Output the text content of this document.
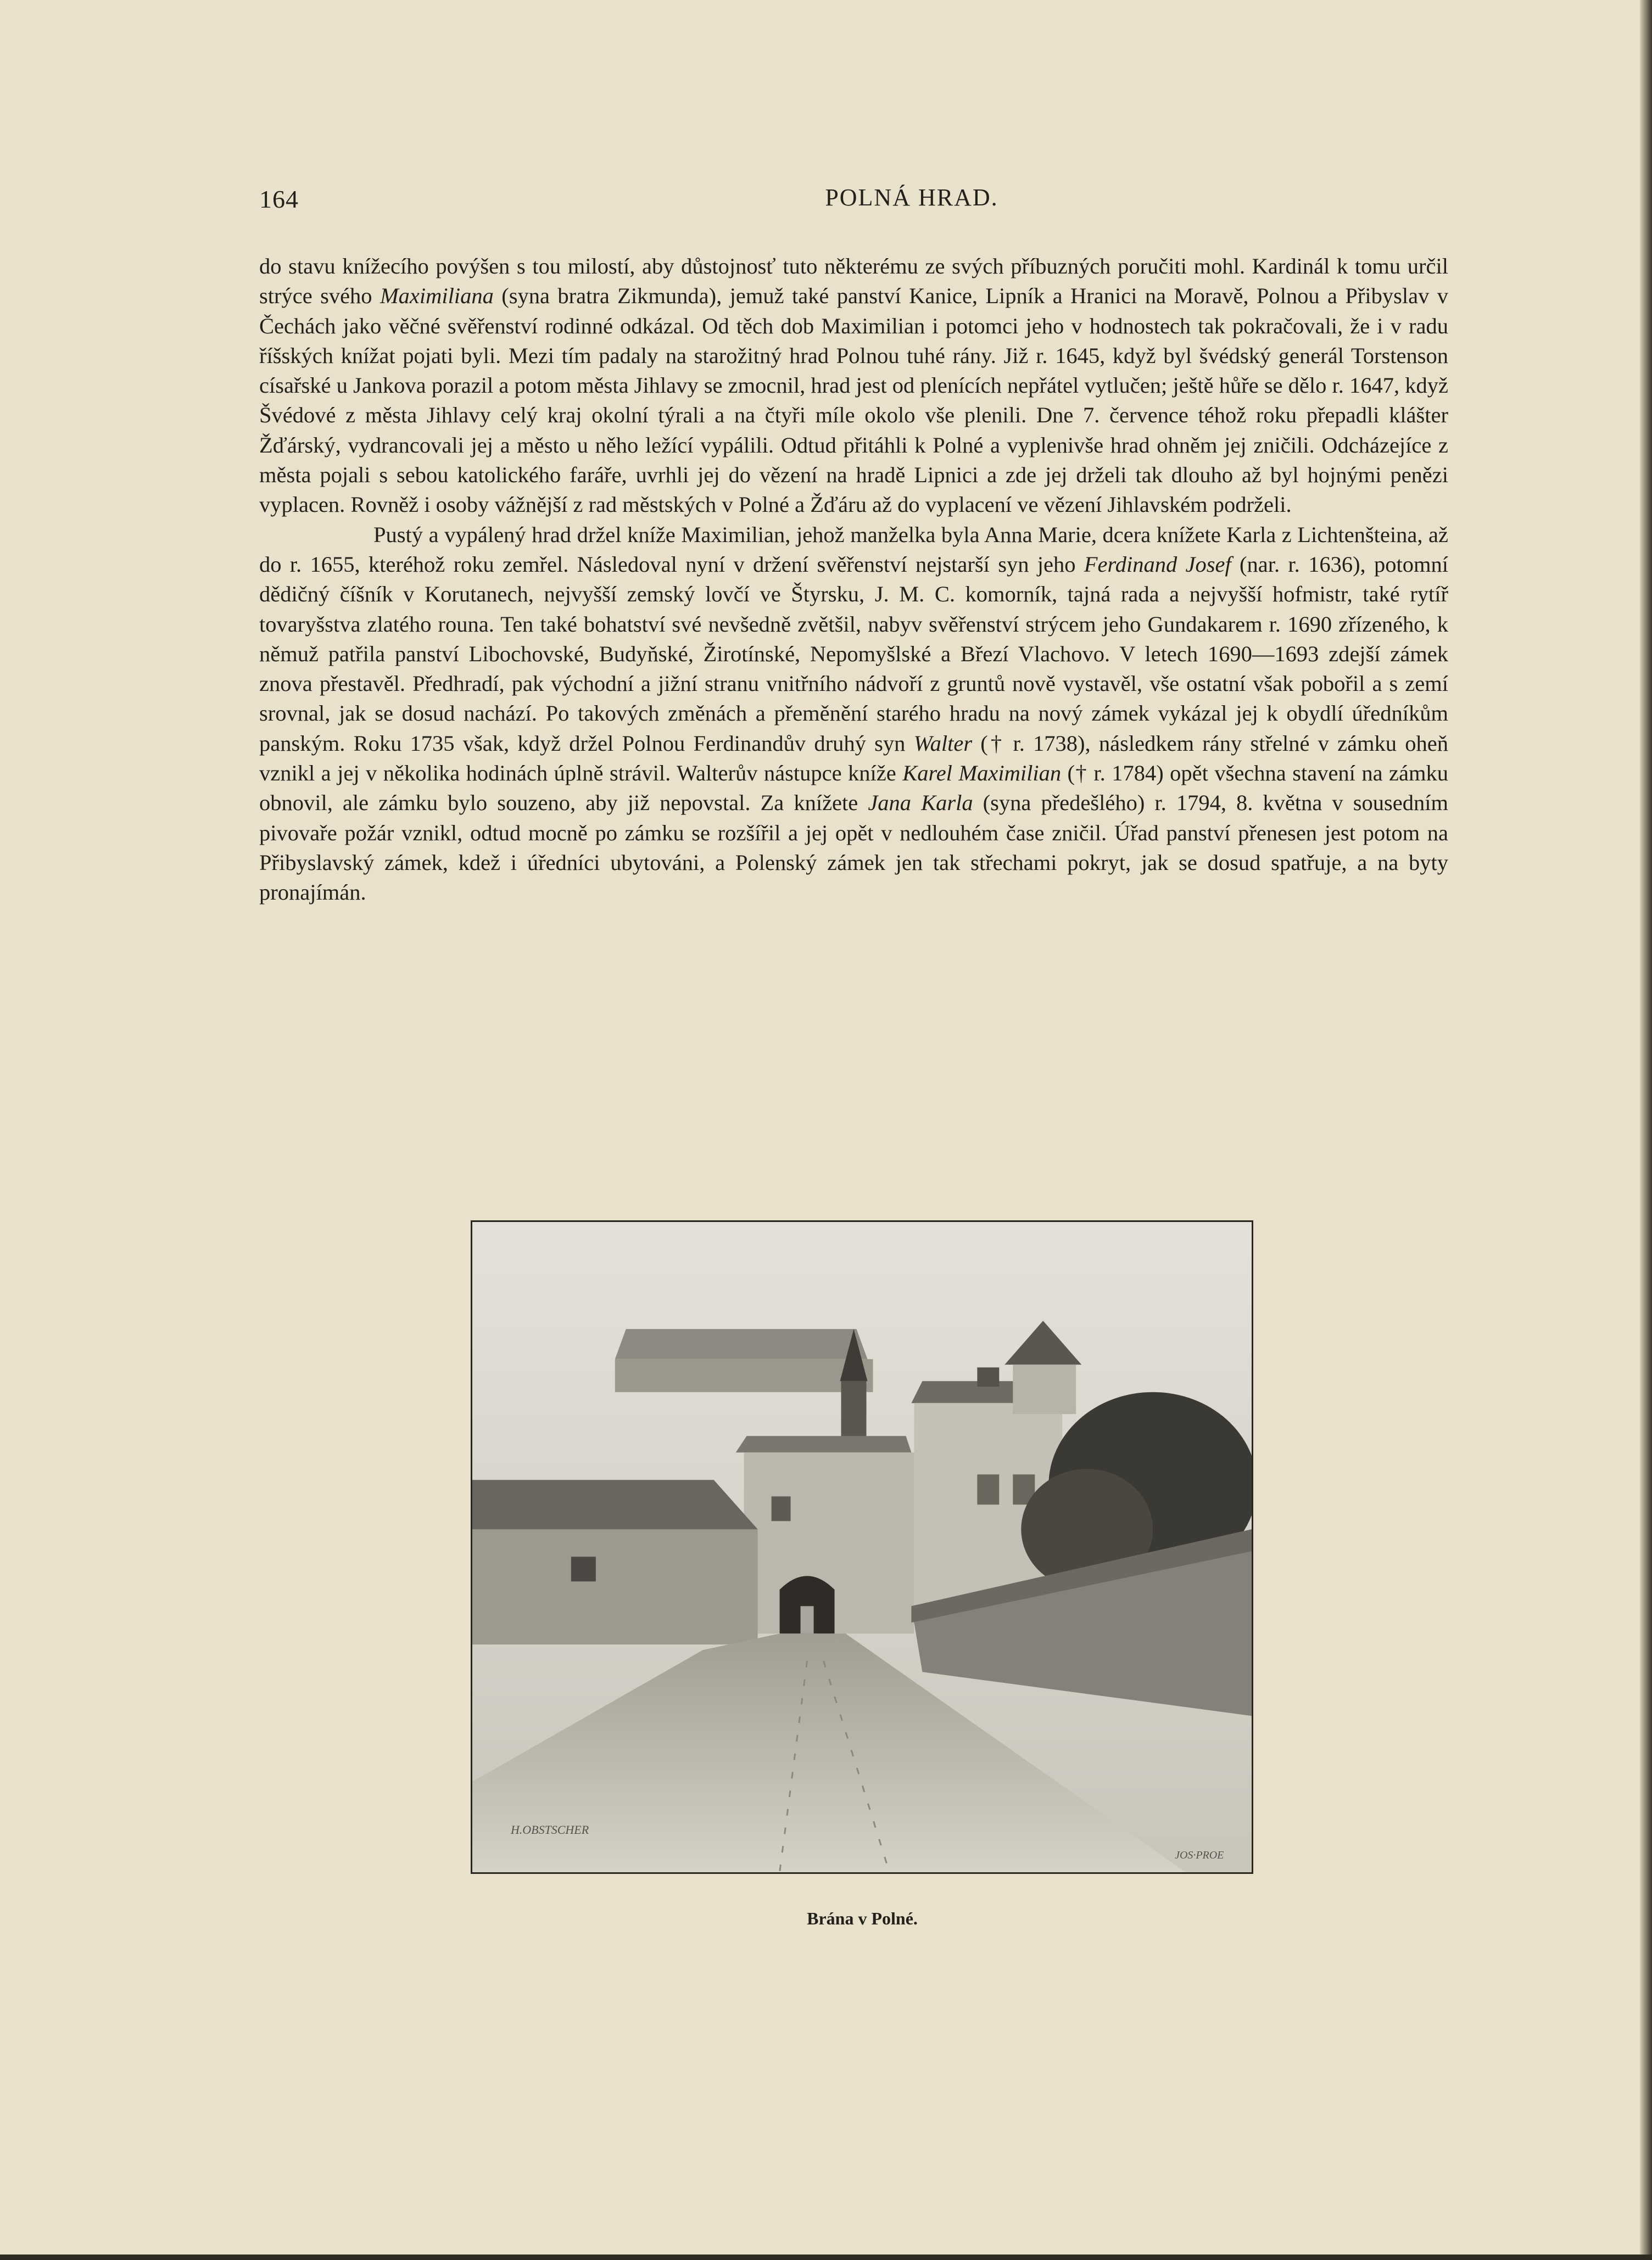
164	POLNÁ HRAD.

do stavu knížecího povýšen s tou milostí, aby důstojnosť tuto některému ze svých příbuzných poručiti mohl. Kardinál k tomu určil strýce svého Maximiliana (syna bratra Zikmunda), jemuž také panství Kanice, Lipník a Hranici na Moravě, Polnou a Přibyslav v Čechách jako věčné svěřenství rodinné odkázal. Od těch dob Maximilian i potomci jeho v hodnostech tak pokračovali, že i v radu říšských knížat pojati byli. Mezi tím padaly na starožitný hrad Polnou tuhé rány. Již r. 1645, když byl švédský generál Torstenson císařské u Jankova porazil a potom města Jihlavy se zmocnil, hrad jest od plenících nepřátel vytlučen; ještě hůře se dělo r. 1647, když Švédové z města Jihlavy celý kraj okolní týrali a na čtyři míle okolo vše plenili. Dne 7. července téhož roku přepadli klášter Žďárský, vydrancovali jej a město u něho ležící vypálili. Odtud přitáhli k Polné a vyplenivše hrad ohněm jej zničili. Odcházejíce z města pojali s sebou katolického faráře, uvrhli jej do vězení na hradě Lipnici a zde jej drželi tak dlouho až byl hojnými penězi vyplacen. Rovněž i osoby vážnější z rad městských v Polné a Žďáru až do vyplacení ve vězení Jihlavském podrželi.

Pustý a vypálený hrad držel kníže Maximilian, jehož manželka byla Anna Marie, dcera knížete Karla z Lichtenšteina, až do r. 1655, kteréhož roku zemřel. Následoval nyní v držení svěřenství nejstarší syn jeho Ferdinand Josef (nar. r. 1636), potomní dědičný číšník v Korutanech, nejvyšší zemský lovčí ve Štyrsku, J. M. C. komorník, tajná rada a nejvyšší hofmistr, také rytíř tovaryšstva zlatého rouna. Ten také bohatství své nevšedně zvětšil, nabyv svěřenství strýcem jeho Gundakarem r. 1690 zřízeného, k němuž patřila panství Libochovské, Budyňské, Žirotínské, Nepomyšlské a Březí Vlachovo. V letech 1690—1693 zdejší zámek znova přestavěl. Předhradí, pak východní a jižní stranu vnitřního nádvoří z gruntů nově vystavěl, vše ostatní však pobořil a s zemí srovnal, jak se dosud nachází. Po takových změnách a přeměnění starého hradu na nový zámek vykázal jej k obydlí úředníkům panským. Roku 1735 však, když držel Polnou Ferdinandův druhý syn Walter († r. 1738), následkem rány střelné v zámku oheň vznikl a jej v několika hodinách úplně strávil. Walterův nástupce kníže Karel Maximilian († r. 1784) opět všechna stavení na zámku obnovil, ale zámku bylo souzeno, aby již nepovstal. Za knížete Jana Karla (syna předešlého) r. 1794, 8. května v sousedním pivovaře požár vznikl, odtud mocně po zámku se rozšířil a jej opět v nedlouhém čase zničil. Úřad panství přenesen jest potom na Přibyslavský zámek, kdež i úředníci ubytováni, a Polenský zámek jen tak střechami pokryt, jak se dosud spatřuje, a na byty pronajímán.

H.OBSTSCHER
JOS·PROE
Brána v Polné.
